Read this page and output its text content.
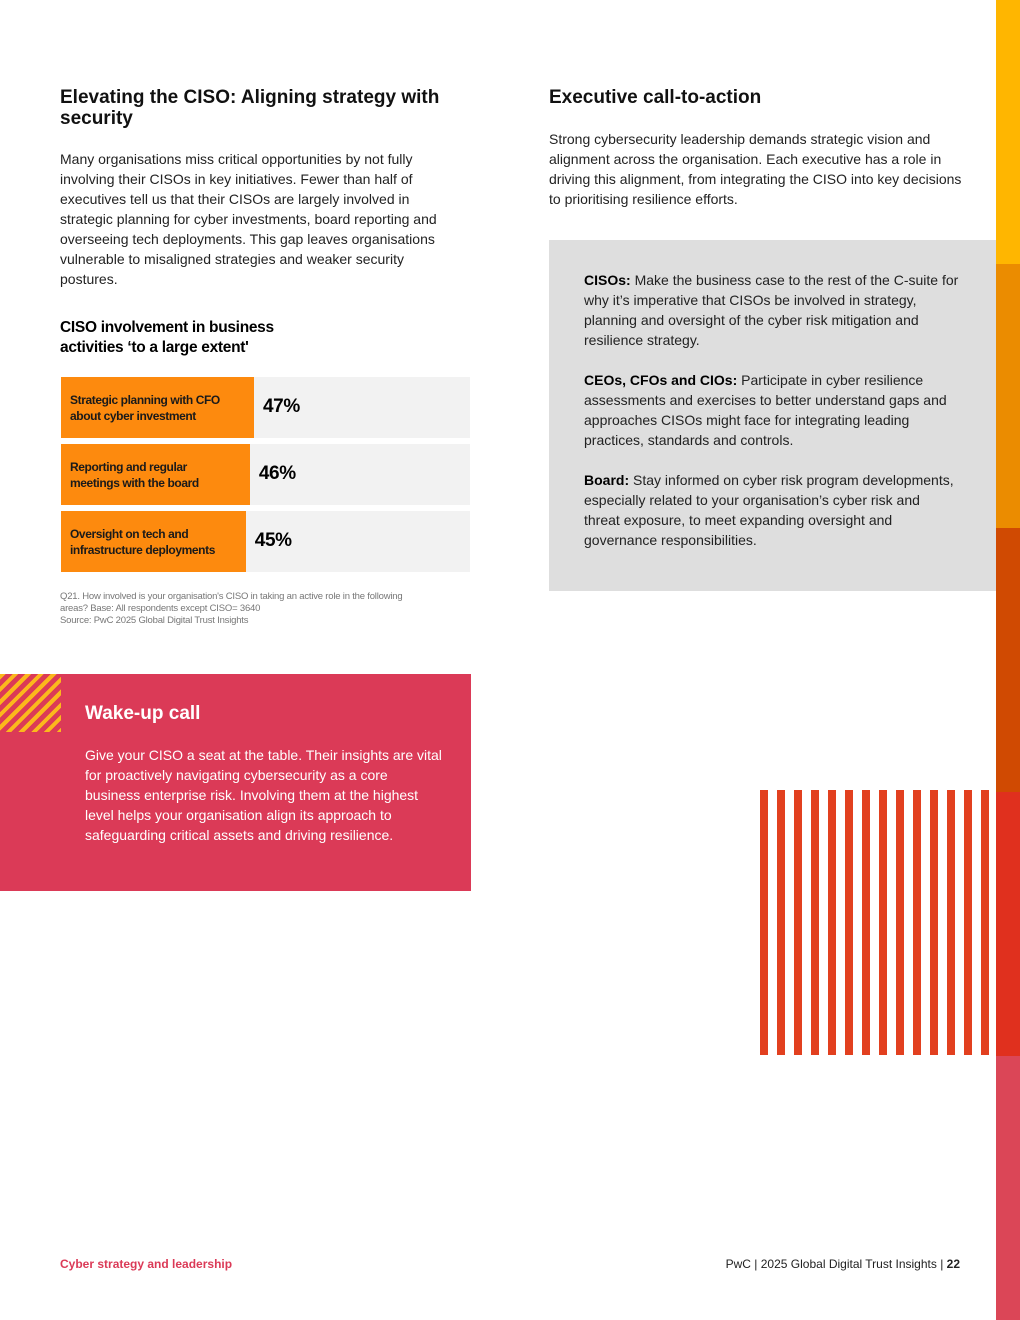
Elevating the CISO: Aligning strategy with security

Many organisations miss critical opportunities by not fully involving their CISOs in key initiatives. Fewer than half of executives tell us that their CISOs are largely involved in strategic planning for cyber investments, board reporting and overseeing tech deployments. This gap leaves organisations vulnerable to misaligned strategies and weaker security postures.

CISO involvement in business activities ‘to a large extent'
Strategic planning with CFO about cyber investment	47%
Reporting and regular meetings with the board	46%
Oversight on tech and infrastructure deployments	45%
Q21. How involved is your organisation's CISO in taking an active role in the following
areas? Base: All respondents except CISO= 3640
Source: PwC 2025 Global Digital Trust Insights
Wake-up call

Give your CISO a seat at the table. Their insights are vital for proactively navigating cybersecurity as a core business enterprise risk. Involving them at the highest level helps your organisation align its approach to safeguarding critical assets and driving resilience.

Executive call-to-action

Strong cybersecurity leadership demands strategic vision and alignment across the organisation. Each executive has a role in driving this alignment, from integrating the CISO into key decisions to prioritising resilience efforts.

CISOs: Make the business case to the rest of the C-suite for why it’s imperative that CISOs be involved in strategy, planning and oversight of the cyber risk mitigation and resilience strategy.

CEOs, CFOs and CIOs: Participate in cyber resilience assessments and exercises to better understand gaps and approaches CISOs might face for integrating leading practices, standards and controls.

Board: Stay informed on cyber risk program developments, especially related to your organisation’s cyber risk and threat exposure, to meet expanding oversight and governance responsibilities.

Cyber strategy and leadership	PwC | 2025 Global Digital Trust Insights | 22
